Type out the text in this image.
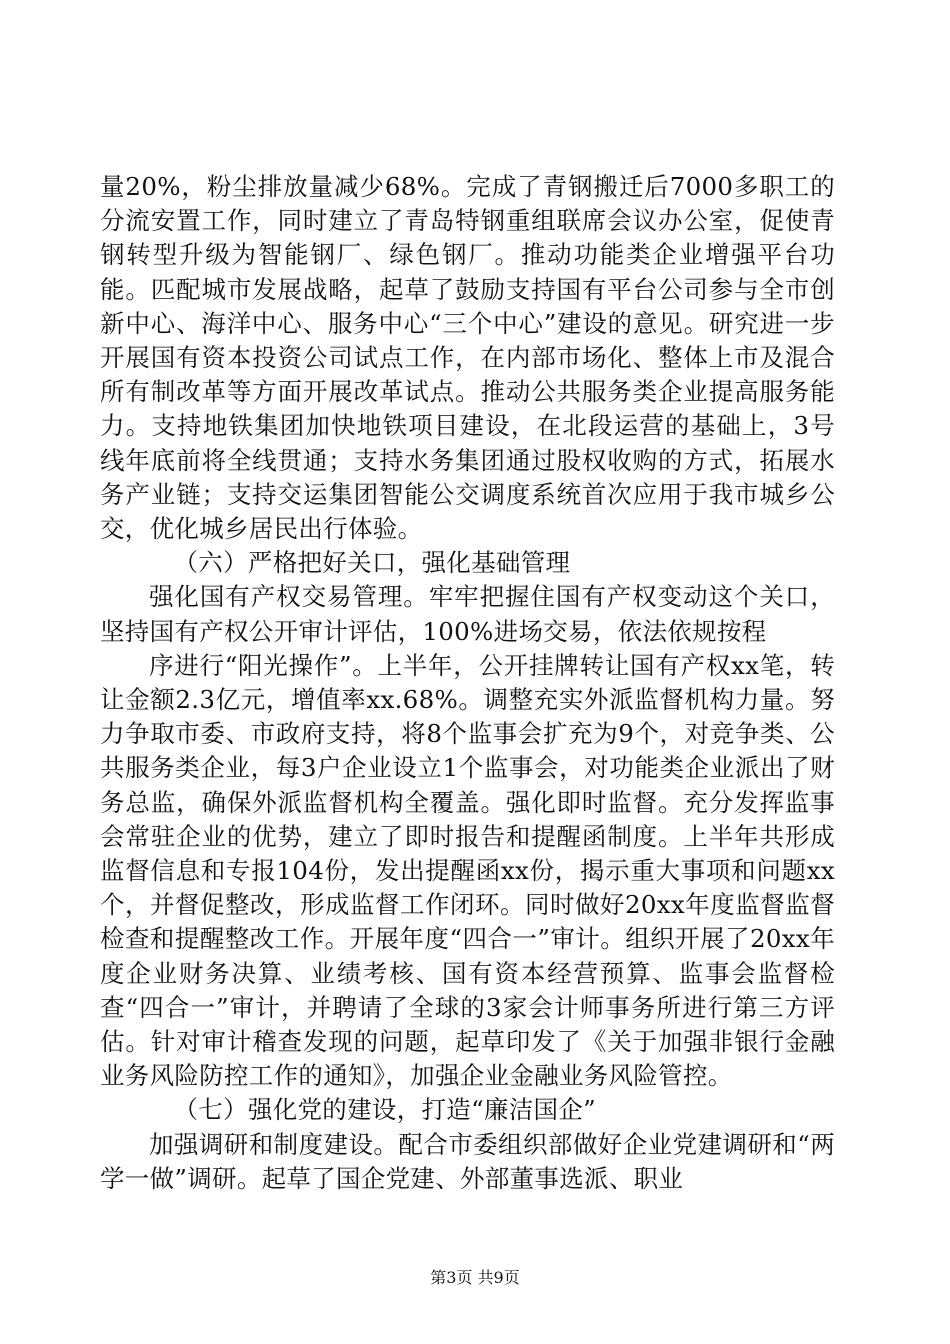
量20%，粉尘排放量减少68%。完成了青钢搬迁后7000多职工的分流安置工作，同时建立了青岛特钢重组联席会议办公室，促使青钢转型升级为智能钢厂、绿色钢厂。推动功能类企业增强平台功能。匹配城市发展战略，起草了鼓励支持国有平台公司参与全市创新中心、海洋中心、服务中心“三个中心”建设的意见。研究进一步开展国有资本投资公司试点工作，在内部市场化、整体上市及混合所有制改革等方面开展改革试点。推动公共服务类企业提高服务能力。支持地铁集团加快地铁项目建设，在北段运营的基础上，3号线年底前将全线贯通；支持水务集团通过股权收购的方式，拓展水务产业链；支持交运集团智能公交调度系统首次应用于我市城乡公交，优化城乡居民出行体验。

（六）严格把好关口，强化基础管理

强化国有产权交易管理。牢牢把握住国有产权变动这个关口，坚持国有产权公开审计评估，100%进场交易，依法依规按程

序进行“阳光操作”。上半年，公开挂牌转让国有产权xx笔，转让金额2.3亿元，增值率xx.68%。调整充实外派监督机构力量。努力争取市委、市政府支持，将8个监事会扩充为9个，对竞争类、公共服务类企业，每3户企业设立1个监事会，对功能类企业派出了财务总监，确保外派监督机构全覆盖。强化即时监督。充分发挥监事会常驻企业的优势，建立了即时报告和提醒函制度。上半年共形成监督信息和专报104份，发出提醒函xx份，揭示重大事项和问题xx个，并督促整改，形成监督工作闭环。同时做好20xx年度监督监督检查和提醒整改工作。开展年度“四合一”审计。组织开展了20xx年度企业财务决算、业绩考核、国有资本经营预算、监事会监督检查“四合一”审计，并聘请了全球的3家会计师事务所进行第三方评估。针对审计稽查发现的问题，起草印发了《关于加强非银行金融业务风险防控工作的通知》，加强企业金融业务风险管控。

（七）强化党的建设，打造“廉洁国企”

加强调研和制度建设。配合市委组织部做好企业党建调研和“两学一做”调研。起草了国企党建、外部董事选派、职业

第3页 共9页
